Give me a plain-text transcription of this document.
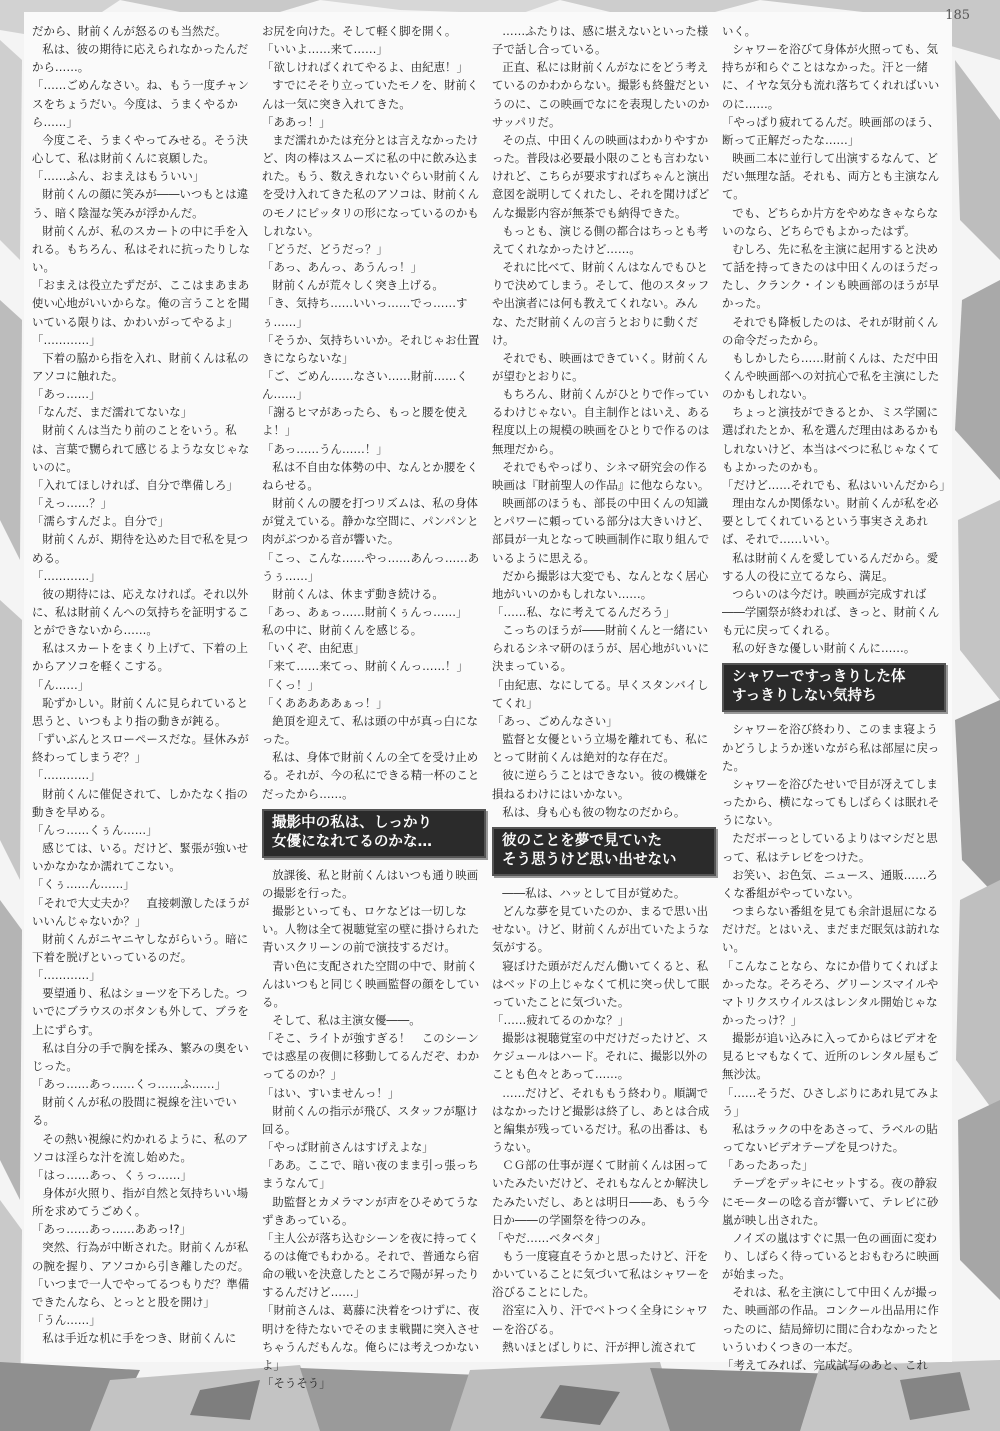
185

だから、財前くんが怒るのも当然だ。

私は、彼の期待に応えられなかったんだから……。

「……ごめんなさい。ね、もう一度チャンスをちょうだい。今度は、うまくやるから……」

今度こそ、うまくやってみせる。そう決心して、私は財前くんに哀願した。

「……ふん、おまえはもういい」

財前くんの顔に笑みが――いつもとは違う、暗く陰湿な笑みが浮かんだ。

財前くんが、私のスカートの中に手を入れる。もちろん、私はそれに抗ったりしない。

「おまえは役立たずだが、ここはまあまあ使い心地がいいからな。俺の言うことを聞いている限りは、かわいがってやるよ」

「…………」

下着の脇から指を入れ、財前くんは私のアソコに触れた。

「あっ……」

「なんだ、まだ濡れてないな」

財前くんは当たり前のことをいう。私は、言葉で嬲られて感じるような女じゃないのに。

「入れてほしければ、自分で準備しろ」

「えっ……？」

「濡らすんだよ。自分で」

財前くんが、期待を込めた目で私を見つめる。

「…………」

彼の期待には、応えなければ。それ以外に、私は財前くんへの気持ちを証明することができないから……。

私はスカートをまくり上げて、下着の上からアソコを軽くこする。

「ん……」

恥ずかしい。財前くんに見られていると思うと、いつもより指の動きが鈍る。

「ずいぶんとスローペースだな。昼休みが終わってしまうぞ？」

「…………」

財前くんに催促されて、しかたなく指の動きを早める。

「んっ……くぅん……」

感じては、いる。だけど、緊張が強いせいかなかなか濡れてこない。

「くぅ……ん……」

「それで大丈夫か？　直接刺激したほうがいいんじゃないか？」

財前くんがニヤニヤしながらいう。暗に下着を脱げといっているのだ。

「…………」

要望通り、私はショーツを下ろした。ついでにブラウスのボタンも外して、ブラを上にずらす。

私は自分の手で胸を揉み、繁みの奥をいじった。

「あっ……あっ……くっ……ふ……」

財前くんが私の股間に視線を注いでいる。

その熱い視線に灼かれるように、私のアソコは淫らな汁を流し始めた。

「はっ……あっ、くぅっ……」

身体が火照り、指が自然と気持ちいい場所を求めてうごめく。

「あっ……あっ……ああっ!?」

突然、行為が中断された。財前くんが私の腕を握り、アソコから引き離したのだ。

「いつまで一人でやってるつもりだ？準備できたんなら、とっとと股を開け」

「うん……」

私は手近な机に手をつき、財前くんに

お尻を向けた。そして軽く脚を開く。

「いいよ……来て……」

「欲しければくれてやるよ、由紀恵！」

すでにそそり立っていたモノを、財前くんは一気に突き入れてきた。

「ああっ！」

まだ濡れかたは充分とは言えなかったけど、肉の棒はスムーズに私の中に飲み込まれた。もう、数えきれないぐらい財前くんを受け入れてきた私のアソコは、財前くんのモノにピッタリの形になっているのかもしれない。

「どうだ、どうだっ？」

「あっ、あんっ、あうんっ！」

財前くんが荒々しく突き上げる。

「き、気持ち……いいっ……でっ……すぅ……」

「そうか、気持ちいいか。それじゃお仕置きにならないな」

「ご、ごめん……なさい……財前……くん……」

「謝るヒマがあったら、もっと腰を使えよ！」

「あっ……うん……！」

私は不自由な体勢の中、なんとか腰をくねらせる。

財前くんの腰を打つリズムは、私の身体が覚えている。静かな空間に、パンパンと肉がぶつかる音が響いた。

「こっ、こんな……やっ……あんっ……あうぅ……」

財前くんは、休まず動き続ける。

「あっ、あぁっ……財前くぅんっ……」

私の中に、財前くんを感じる。

「いくぞ、由紀恵」

「来て……来てっ、財前くんっ……！」

「くっ！」

「くあああああぁっ！」

絶頂を迎えて、私は頭の中が真っ白になった。

私は、身体で財前くんの全てを受け止める。それが、今の私にできる精一杯のことだったから……。

撮影中の私は、しっかり
女優になれてるのかな…

放課後、私と財前くんはいつも通り映画の撮影を行った。

撮影といっても、ロケなどは一切しない。人物は全て視聴覚室の壁に掛けられた青いスクリーンの前で演技するだけ。

青い色に支配された空間の中で、財前くんはいつもと同じく映画監督の顔をしている。

そして、私は主演女優――。

「そこ、ライトが強すぎる！　このシーンでは惑星の夜側に移動してるんだぞ、わかってるのか？」

「はい、すいませんっ！」

財前くんの指示が飛び、スタッフが駆け回る。

「やっぱ財前さんはすげえよな」

「ああ。ここで、暗い夜のまま引っ張っちまうなんて」

助監督とカメラマンが声をひそめてうなずきあっている。

「主人公が落ち込むシーンを夜に持ってくるのは俺でもわかる。それで、普通なら宿命の戦いを決意したところで陽が昇ったりするんだけど……」

「財前さんは、葛藤に決着をつけずに、夜明けを待たないでそのまま戦闘に突入させちゃうんだもんな。俺らには考えつかないよ」

「そうそう」

……ふたりは、感に堪えないといった様子で話し合っている。

正直、私には財前くんがなにをどう考えているのかわからない。撮影も終盤だというのに、この映画でなにを表現したいのかサッパリだ。

その点、中田くんの映画はわかりやすかった。普段は必要最小限のことも言わないけれど、こちらが要求すればちゃんと演出意図を説明してくれたし、それを聞けばどんな撮影内容が無茶でも納得できた。

もっとも、演じる側の都合はちっとも考えてくれなかったけど……。

それに比べて、財前くんはなんでもひとりで決めてしまう。そして、他のスタッフや出演者には何も教えてくれない。みんな、ただ財前くんの言うとおりに動くだけ。

それでも、映画はできていく。財前くんが望むとおりに。

もちろん、財前くんがひとりで作っているわけじゃない。自主制作とはいえ、ある程度以上の規模の映画をひとりで作るのは無理だから。

それでもやっぱり、シネマ研究会の作る映画は『財前聖人の作品』に他ならない。

映画部のほうも、部長の中田くんの知識とパワーに頼っている部分は大きいけど、部員が一丸となって映画制作に取り組んでいるように思える。

だから撮影は大変でも、なんとなく居心地がいいのかもしれない……。

「……私、なに考えてるんだろう」

こっちのほうが――財前くんと一緒にいられるシネマ研のほうが、居心地がいいに決まっている。

「由紀恵、なにしてる。早くスタンバイしてくれ」

「あっ、ごめんなさい」

監督と女優という立場を離れても、私にとって財前くんは絶対的な存在だ。

彼に逆らうことはできない。彼の機嫌を損ねるわけにはいかない。

私は、身も心も彼の物なのだから。

彼のことを夢で見ていた
そう思うけど思い出せない

――私は、ハッとして目が覚めた。

どんな夢を見ていたのか、まるで思い出せない。けど、財前くんが出ていたような気がする。

寝ぼけた頭がだんだん働いてくると、私はベッドの上じゃなくて机に突っ伏して眠っていたことに気づいた。

「……疲れてるのかな？」

撮影は視聴覚室の中だけだったけど、スケジュールはハード。それに、撮影以外のことも色々とあって……。

……だけど、それももう終わり。順調ではなかったけど撮影は終了し、あとは合成と編集が残っているだけ。私の出番は、もうない。

ＣＧ部の仕事が遅くて財前くんは困っていたみたいだけど、それもなんとか解決したみたいだし、あとは明日――あ、もう今日か――の学園祭を待つのみ。

「やだ……ベタベタ」

もう一度寝直そうかと思ったけど、汗をかいていることに気づいて私はシャワーを浴びることにした。

浴室に入り、汗でベトつく全身にシャワーを浴びる。

熱いほとばしりに、汗が押し流されて

いく。

シャワーを浴びて身体が火照っても、気持ちが和らぐことはなかった。汗と一緒に、イヤな気分も流れ落ちてくれればいいのに……。

「やっぱり疲れてるんだ。映画部のほう、断って正解だったな……」

映画二本に並行して出演するなんて、どだい無理な話。それも、両方とも主演なんて。

でも、どちらか片方をやめなきゃならないのなら、どちらでもよかったはず。

むしろ、先に私を主演に起用すると決めて話を持ってきたのは中田くんのほうだったし、クランク・インも映画部のほうが早かった。

それでも降板したのは、それが財前くんの命令だったから。

もしかしたら……財前くんは、ただ中田くんや映画部への対抗心で私を主演にしたのかもしれない。

ちょっと演技ができるとか、ミス学園に選ばれたとか、私を選んだ理由はあるかもしれないけど、本当はべつに私じゃなくてもよかったのかも。

「だけど……それでも、私はいいんだから」

理由なんか関係ない。財前くんが私を必要としてくれているという事実さえあれば、それで……いい。

私は財前くんを愛しているんだから。愛する人の役に立てるなら、満足。

つらいのは今だけ。映画が完成すれば――学園祭が終われば、きっと、財前くんも元に戻ってくれる。

私の好きな優しい財前くんに……。

シャワーですっきりした体
すっきりしない気持ち

シャワーを浴び終わり、このまま寝ようかどうしようか迷いながら私は部屋に戻った。

シャワーを浴びたせいで目が冴えてしまったから、横になってもしばらくは眠れそうにない。

ただボーっとしているよりはマシだと思って、私はテレビをつけた。

お笑い、お色気、ニュース、通販……ろくな番組がやっていない。

つまらない番組を見ても余計退屈になるだけだ。とはいえ、まだまだ眠気は訪れない。

「こんなことなら、なにか借りてくればよかったな。そろそろ、グリーンスマイルやマトリクスウイルスはレンタル開始じゃなかったっけ？」

撮影が追い込みに入ってからはビデオを見るヒマもなくて、近所のレンタル屋もご無沙汰。

「……そうだ、ひさしぶりにあれ見てみよう」

私はラックの中をあさって、ラベルの貼ってないビデオテープを見つけた。

「あったあった」

テープをデッキにセットする。夜の静寂にモーターの唸る音が響いて、テレビに砂嵐が映し出された。

ノイズの嵐はすぐに黒一色の画面に変わり、しばらく待っているとおもむろに映画が始まった。

それは、私を主演にして中田くんが撮った、映画部の作品。コンクール出品用に作ったのに、結局締切に間に合わなかったといういわくつきの一本だ。

「考えてみれば、完成試写のあと、これ
